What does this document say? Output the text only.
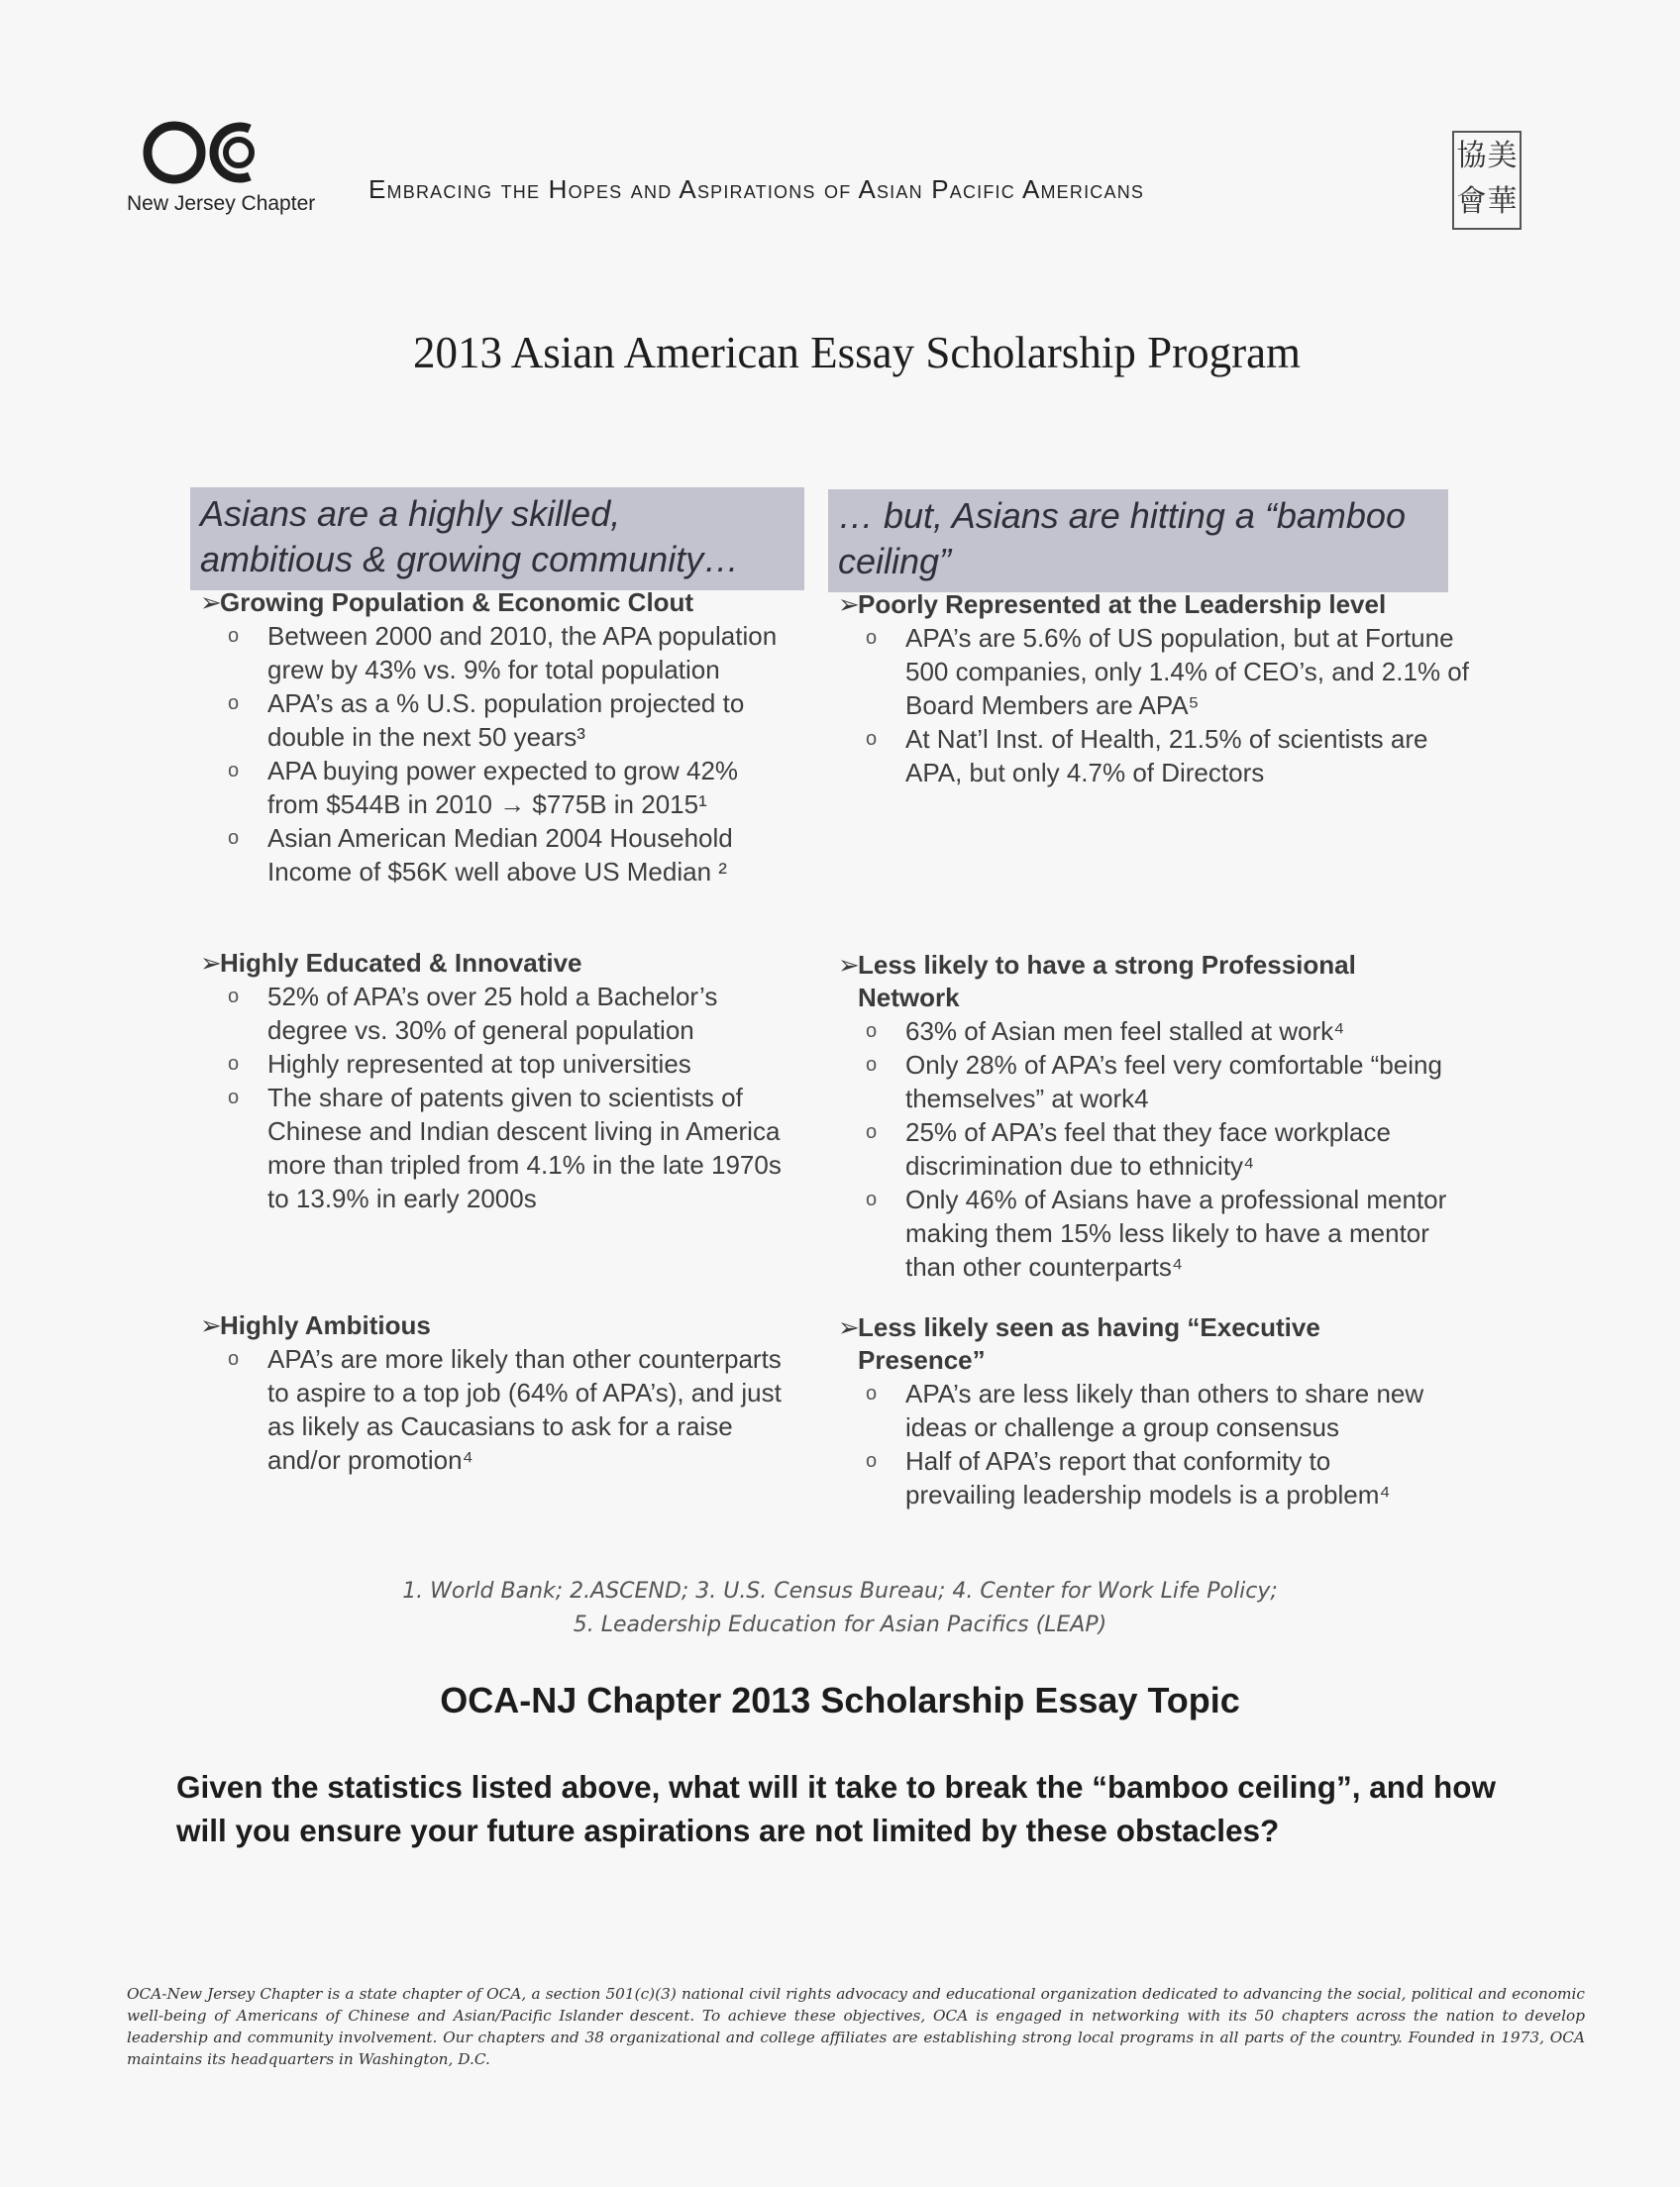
OCA
New Jersey Chapter	Embracing the Hopes and Aspirations of Asian Pacific Americans
協 美
會 華
2013 Asian American Essay Scholarship Program
Asians are a highly skilled,
ambitious & growing community…
➢Growing Population & Economic Clout
o Between 2000 and 2010, the APA population grew by 43% vs. 9% for total population
o APA’s as a % U.S. population projected to double in the next 50 years³
o APA buying power expected to grow 42% from $544B in 2010 → $775B in 2015¹
o Asian American Median 2004 Household Income of $56K well above US Median ²
➢Highly Educated & Innovative
o 52% of APA’s over 25 hold a Bachelor’s degree vs. 30% of general population
o Highly represented at top universities
o The share of patents given to scientists of Chinese and Indian descent living in America more than tripled from 4.1% in the late 1970s to 13.9% in early 2000s
➢Highly Ambitious
o APA’s are more likely than other counterparts to aspire to a top job (64% of APA’s), and just as likely as Caucasians to ask for a raise and/or promotion⁴
… but, Asians are hitting a “bamboo
ceiling”
➢Poorly Represented at the Leadership level
o APA’s are 5.6% of US population, but at Fortune 500 companies, only 1.4% of CEO’s, and 2.1% of Board Members are APA⁵
o At Nat’l Inst. of Health, 21.5% of scientists are APA, but only 4.7% of Directors
➢Less likely to have a strong Professional Network
o 63% of Asian men feel stalled at work⁴
o Only 28% of APA’s feel very comfortable “being themselves” at work4
o 25% of APA’s feel that they face workplace discrimination due to ethnicity⁴
o Only 46% of Asians have a professional mentor making them 15% less likely to have a mentor than other counterparts⁴
➢Less likely seen as having “Executive Presence”
o APA’s are less likely than others to share new ideas or challenge a group consensus
o Half of APA’s report that conformity to prevailing leadership models is a problem⁴
1. World Bank; 2.ASCEND; 3. U.S. Census Bureau; 4. Center for Work Life Policy;
5. Leadership Education for Asian Pacifics (LEAP)
OCA-NJ Chapter 2013 Scholarship Essay Topic
Given the statistics listed above, what will it take to break the “bamboo ceiling”, and how will you ensure your future aspirations are not limited by these obstacles?
OCA-New Jersey Chapter is a state chapter of OCA, a section 501(c)(3) national civil rights advocacy and educational organization dedicated to advancing the social, political and economic well-being of Americans of Chinese and Asian/Pacific Islander descent. To achieve these objectives, OCA is engaged in networking with its 50 chapters across the nation to develop leadership and community involvement. Our chapters and 38 organizational and college affiliates are establishing strong local programs in all parts of the country. Founded in 1973, OCA maintains its headquarters in Washington, D.C.
